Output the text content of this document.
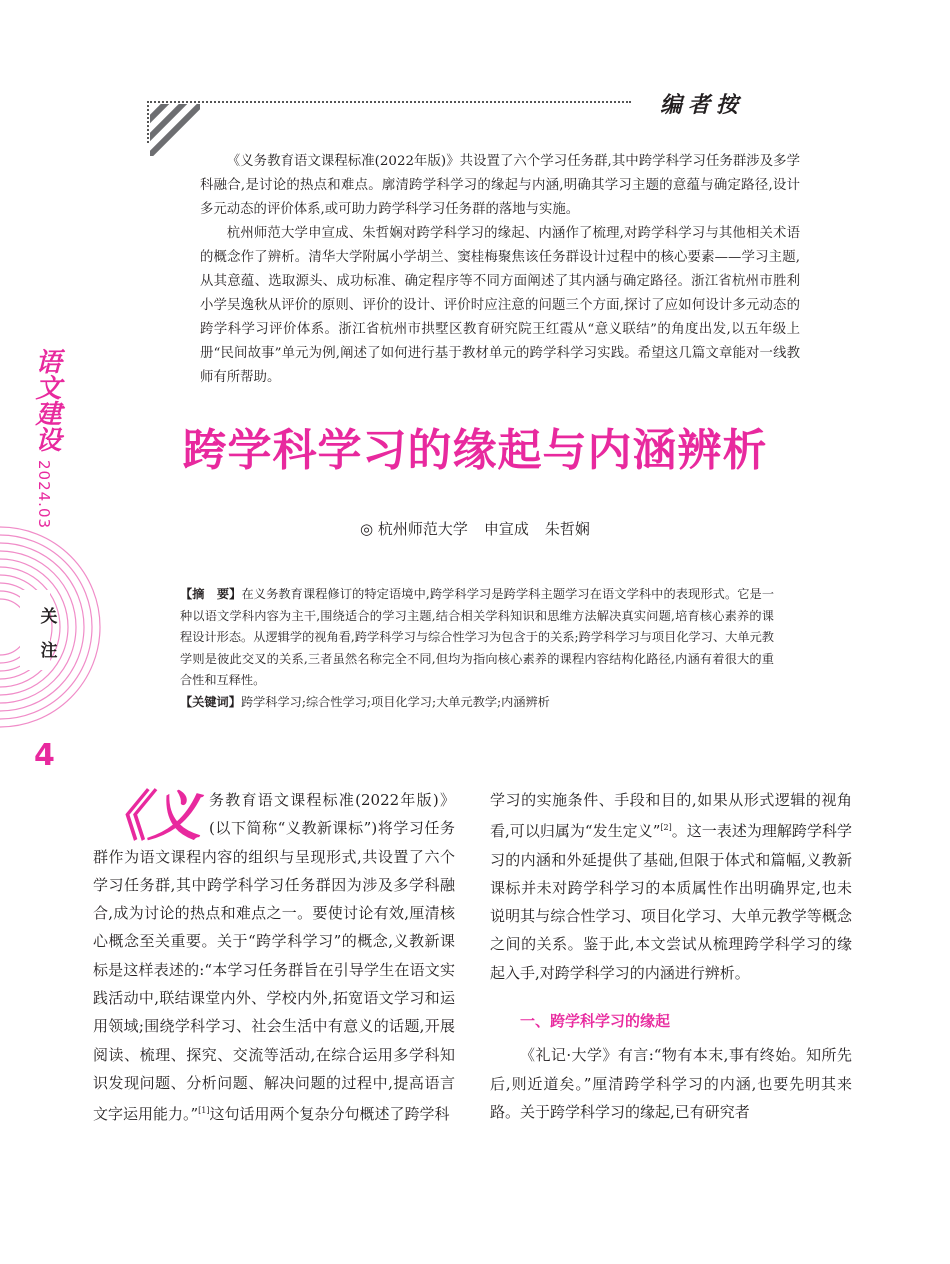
编者按

《义务教育语文课程标准(2022年版)》共设置了六个学习任务群,其中跨学科学习任务群涉及多学科融合,是讨论的热点和难点。廓清跨学科学习的缘起与内涵,明确其学习主题的意蕴与确定路径,设计多元动态的评价体系,或可助力跨学科学习任务群的落地与实施。

杭州师范大学申宣成、朱哲娴对跨学科学习的缘起、内涵作了梳理,对跨学科学习与其他相关术语的概念作了辨析。清华大学附属小学胡兰、窦桂梅聚焦该任务群设计过程中的核心要素——学习主题,从其意蕴、选取源头、成功标准、确定程序等不同方面阐述了其内涵与确定路径。浙江省杭州市胜利小学吴逸秋从评价的原则、评价的设计、评价时应注意的问题三个方面,探讨了应如何设计多元动态的跨学科学习评价体系。浙江省杭州市拱墅区教育研究院王红霞从“意义联结”的角度出发,以五年级上册“民间故事”单元为例,阐述了如何进行基于教材单元的跨学科学习实践。希望这几篇文章能对一线教师有所帮助。

语文建设
2024.03
关注
4
跨学科学习的缘起与内涵辨析
◎ 杭州师范大学 申宣成 朱哲娴

【摘　要】在义务教育课程修订的特定语境中,跨学科学习是跨学科主题学习在语文学科中的表现形式。它是一种以语文学科内容为主干,围绕适合的学习主题,结合相关学科知识和思维方法解决真实问题,培育核心素养的课程设计形态。从逻辑学的视角看,跨学科学习与综合性学习为包含于的关系;跨学科学习与项目化学习、大单元教学则是彼此交叉的关系,三者虽然名称完全不同,但均为指向核心素养的课程内容结构化路径,内涵有着很大的重合性和互释性。

【关键词】跨学科学习;综合性学习;项目化学习;大单元教学;内涵辨析

《义务教育语文课程标准(2022年版)》(以下简称“义教新课标”)将学习任务群作为语文课程内容的组织与呈现形式,共设置了六个学习任务群,其中跨学科学习任务群因为涉及多学科融合,成为讨论的热点和难点之一。要使讨论有效,厘清核心概念至关重要。关于“跨学科学习”的概念,义教新课标是这样表述的:“本学习任务群旨在引导学生在语文实践活动中,联结课堂内外、学校内外,拓宽语文学习和运用领域;围绕学科学习、社会生活中有意义的话题,开展阅读、梳理、探究、交流等活动,在综合运用多学科知识发现问题、分析问题、解决问题的过程中,提高语言文字运用能力。”[1]这句话用两个复杂分句概述了跨学科

学习的实施条件、手段和目的,如果从形式逻辑的视角看,可以归属为“发生定义”[2]。这一表述为理解跨学科学习的内涵和外延提供了基础,但限于体式和篇幅,义教新课标并未对跨学科学习的本质属性作出明确界定,也未说明其与综合性学习、项目化学习、大单元教学等概念之间的关系。鉴于此,本文尝试从梳理跨学科学习的缘起入手,对跨学科学习的内涵进行辨析。

一、跨学科学习的缘起

《礼记·大学》有言:“物有本末,事有终始。知所先后,则近道矣。”厘清跨学科学习的内涵,也要先明其来路。关于跨学科学习的缘起,已有研究者
